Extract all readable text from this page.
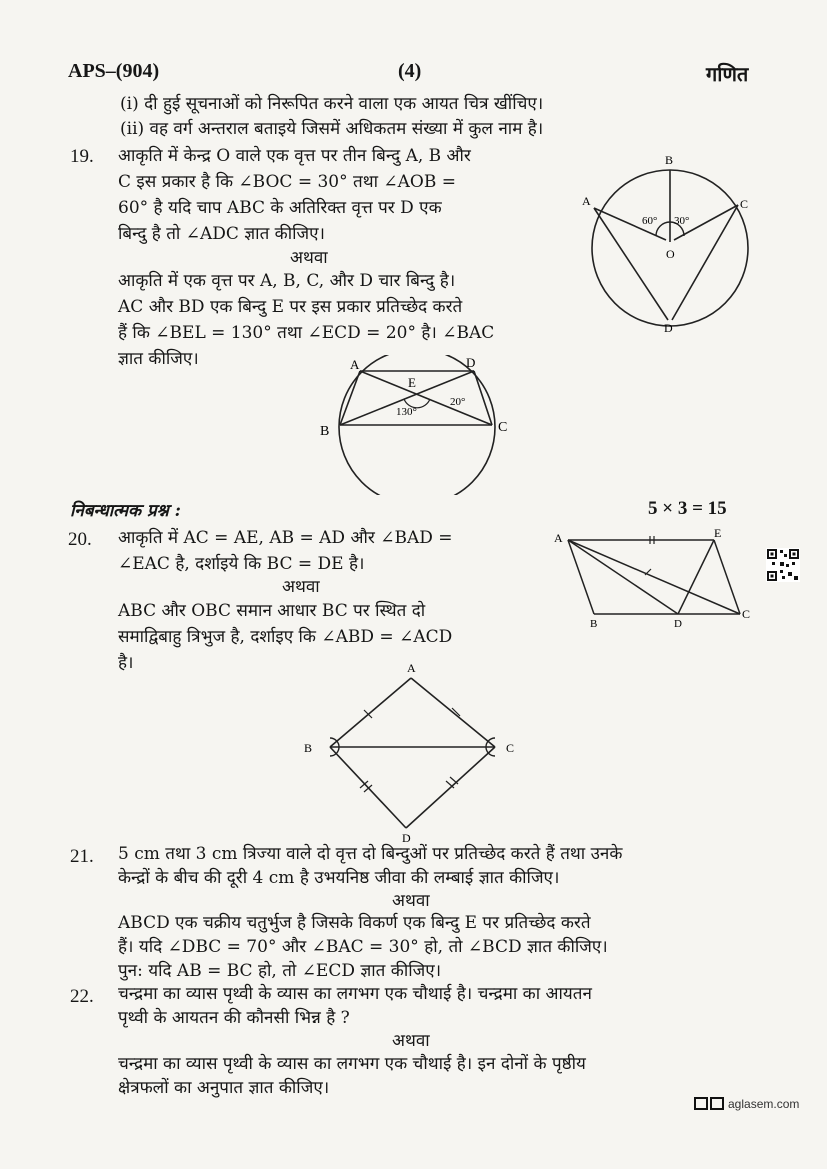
APS–(904)	(4)	गणित
(i) दी हुई सूचनाओं को निरूपित करने वाला एक आयत चित्र खींचिए।
(ii) वह वर्ग अन्तराल बताइये जिसमें अधिकतम संख्या में कुल नाम है।
19. आकृति में केन्द्र O वाले एक वृत्त पर तीन बिन्दु A, B और
C इस प्रकार है कि ∠BOC = 30° तथा ∠AOB =
60° है यदि चाप ABC के अतिरिक्त वृत्त पर D एक
बिन्दु है तो ∠ADC ज्ञात कीजिए।
अथवा
आकृति में एक वृत्त पर A, B, C, और D चार बिन्दु है।
AC और BD एक बिन्दु E पर इस प्रकार प्रतिच्छेद करते
हैं कि ∠BEL = 130° तथा ∠ECD = 20° है। ∠BAC
ज्ञात कीजिए।
B
A	C
O
D
60° 30°
A	D
E
B	C
130°
20°
निबन्धात्मक प्रश्न :	5 × 3 = 15
20. आकृति में AC = AE, AB = AD और ∠BAD =
∠EAC है, दर्शाइये कि BC = DE है।
अथवा
ABC और OBC समान आधार BC पर स्थित दो
समाद्विबाहु त्रिभुज है, दर्शाइए कि ∠ABD = ∠ACD
है।
A	E
B	D
C
A
B	C
D
21. 5 cm तथा 3 cm त्रिज्या वाले दो वृत्त दो बिन्दुओं पर प्रतिच्छेद करते हैं तथा उनके
केन्द्रों के बीच की दूरी 4 cm है उभयनिष्ठ जीवा की लम्बाई ज्ञात कीजिए।
अथवा
ABCD एक चक्रीय चतुर्भुज है जिसके विकर्ण एक बिन्दु E पर प्रतिच्छेद करते
हैं। यदि ∠DBC = 70° और ∠BAC = 30° हो, तो ∠BCD ज्ञात कीजिए।
पुन: यदि AB = BC हो, तो ∠ECD ज्ञात कीजिए।
22. चन्द्रमा का व्यास पृथ्वी के व्यास का लगभग एक चौथाई है। चन्द्रमा का आयतन
पृथ्वी के आयतन की कौनसी भिन्न है ?
अथवा
चन्द्रमा का व्यास पृथ्वी के व्यास का लगभग एक चौथाई है। इन दोनों के पृष्ठीय
क्षेत्रफलों का अनुपात ज्ञात कीजिए।
aglasem.com
